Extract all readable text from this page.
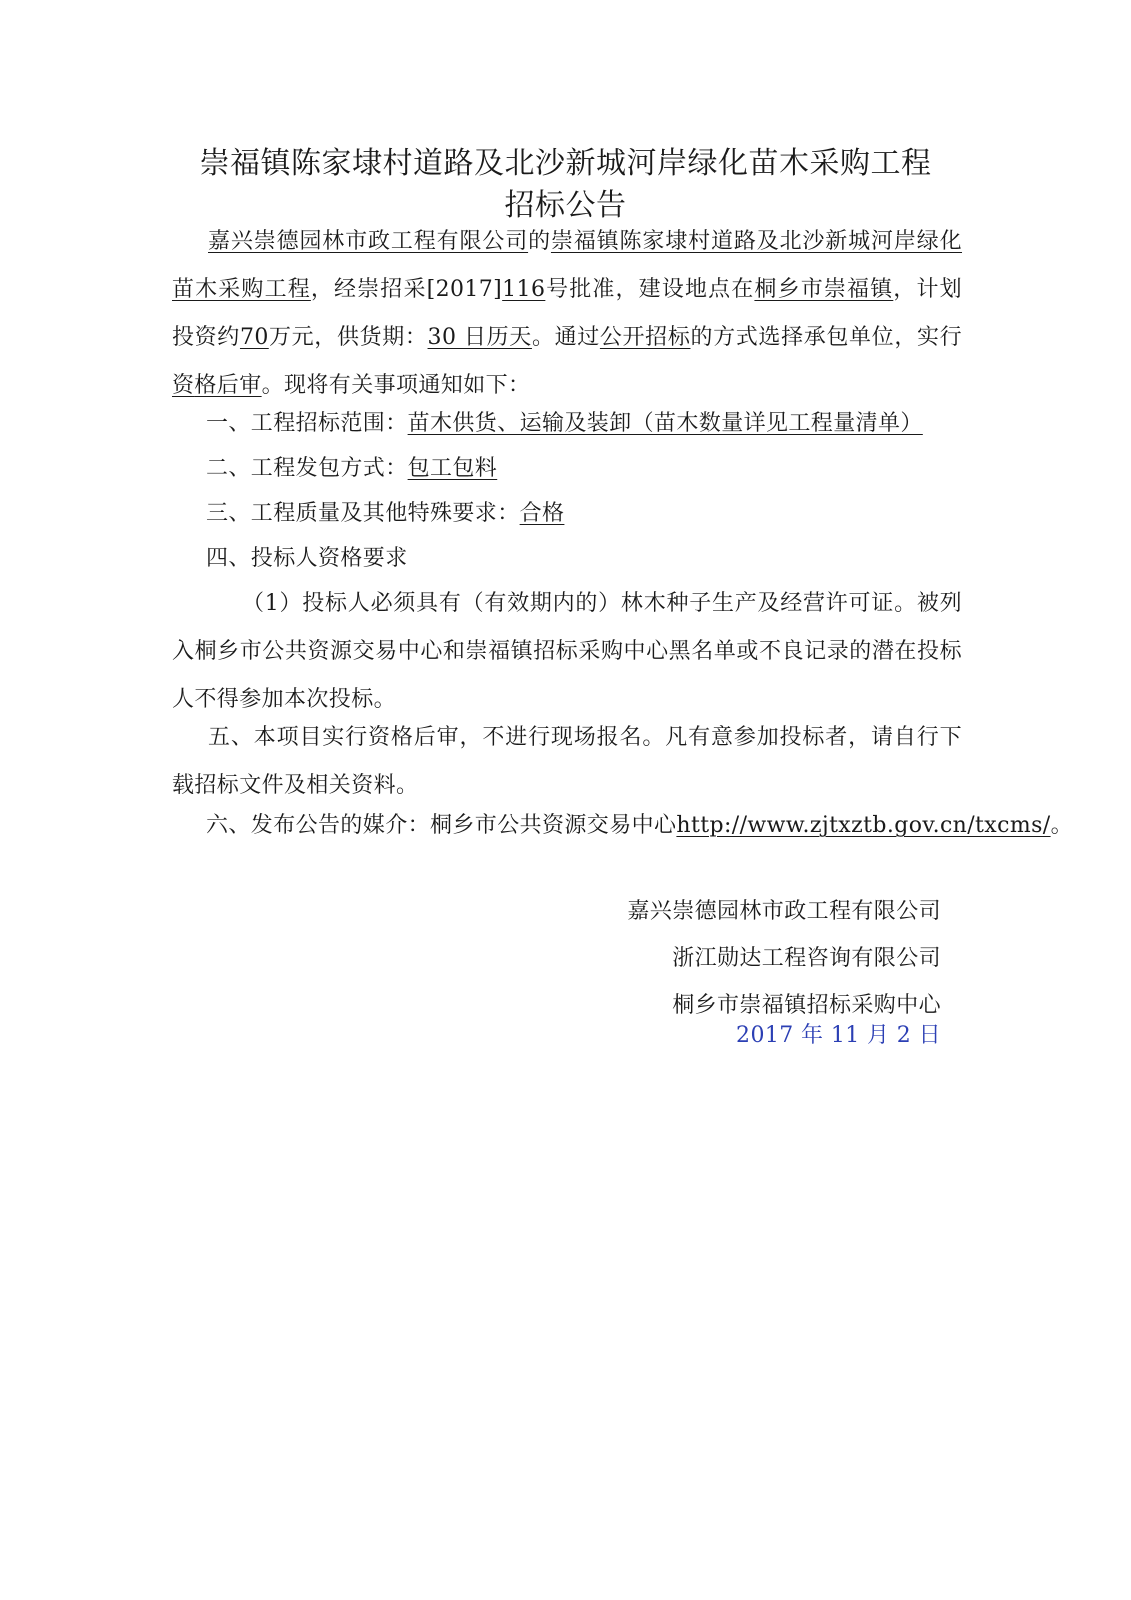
崇福镇陈家埭村道路及北沙新城河岸绿化苗木采购工程
招标公告
嘉兴崇德园林市政工程有限公司的崇福镇陈家埭村道路及北沙新城河岸绿化苗木采购工程，经崇招采[2017]116号批准，建设地点在桐乡市崇福镇，计划投资约70万元，供货期：30 日历天。通过公开招标的方式选择承包单位，实行资格后审。现将有关事项通知如下：
一、工程招标范围：苗木供货、运输及装卸（苗木数量详见工程量清单）
二、工程发包方式：包工包料
三、工程质量及其他特殊要求：合格
四、投标人资格要求
（1）投标人必须具有（有效期内的）林木种子生产及经营许可证。被列入桐乡市公共资源交易中心和崇福镇招标采购中心黑名单或不良记录的潜在投标人不得参加本次投标。
五、本项目实行资格后审，不进行现场报名。凡有意参加投标者，请自行下载招标文件及相关资料。
六、发布公告的媒介：桐乡市公共资源交易中心http://www.zjtxztb.gov.cn/txcms/。
嘉兴崇德园林市政工程有限公司
浙江勋达工程咨询有限公司
桐乡市崇福镇招标采购中心
2017 年 11 月 2 日
